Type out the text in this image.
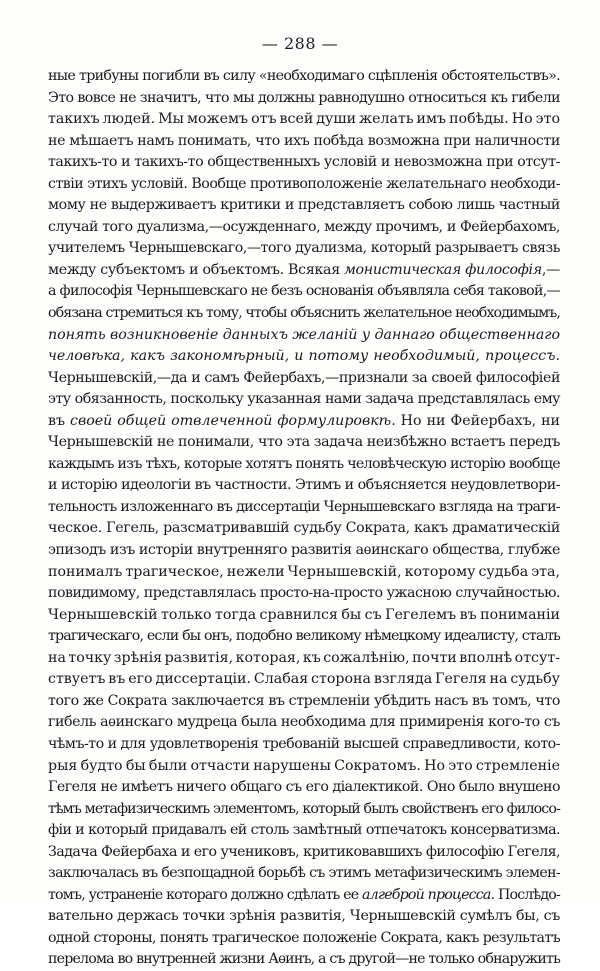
— 288 —
ные трибуны погибли въ силу «необходимаго сцѣпленія обстоятельствъ».
Это вовсе не значитъ, что мы должны равнодушно относиться къ гибели
такихъ людей. Мы можемъ отъ всей души желать имъ побѣды. Но это
не мѣшаетъ намъ понимать, что ихъ побѣда возможна при наличности
такихъ-то и такихъ-то общественныхъ условій и невозможна при отсут-
ствіи этихъ условій. Вообще противоположеніе желательнаго необходи-
мому не выдерживаетъ критики и представляетъ собою лишь частный
случай того дуализма,—осужденнаго, между прочимъ, и Фейербахомъ,
учителемъ Чернышевскаго,—того дуализма, который разрываетъ связь
между субъектомъ и объектомъ. Всякая монистическая философія,—
а философія Чернышевскаго не безъ основанія объявляла себя таковой,—
обязана стремиться къ тому, чтобы объяснить желательное необходимымъ,
понять возникновеніе данныхъ желаній у даннаго общественнаго
человѣка, какъ закономѣрный, и потому необходимый, процессъ.
Чернышевскій,—да и самъ Фейербахъ,—признали за своей философіей
эту обязанность, поскольку указанная нами задача представлялась ему
въ своей общей отвлеченной формулировкѣ. Но ни Фейербахъ, ни
Чернышевскій не понимали, что эта задача неизбѣжно встаетъ передъ
каждымъ изъ тѣхъ, которые хотятъ понять человѣческую исторію вообще
и исторію идеологіи въ частности. Этимъ и объясняется неудовлетвори-
тельность изложеннаго въ диссертаціи Чернышевскаго взгляда на траги-
ческое. Гегель, разсматривавшій судьбу Сократа, какъ драматическій
эпизодъ изъ исторіи внутренняго развитія аѳинскаго общества, глубже
понималъ трагическое, нежели Чернышевскій, которому судьба эта,
повидимому, представлялась просто-на-просто ужасною случайностью.
Чернышевскій только тогда сравнился бы съ Гегелемъ въ пониманіи
трагическаго, если бы онъ, подобно великому нѣмецкому идеалисту, сталъ
на точку зрѣнія развитія, которая, къ сожалѣнію, почти вполнѣ отсут-
ствуетъ въ его диссертаціи. Слабая сторона взгляда Гегеля на судьбу
того же Сократа заключается въ стремленіи убѣдить насъ въ томъ, что
гибель аѳинскаго мудреца была необходима для примиренія кого-то съ
чѣмъ-то и для удовлетворенія требованій высшей справедливости, кото-
рыя будто бы были отчасти нарушены Сократомъ. Но это стремленіе
Гегеля не имѣетъ ничего общаго съ его діалектикой. Оно было внушено
тѣмъ метафизическимъ элементомъ, который былъ свойственъ его филосо-
фіи и который придавалъ ей столь замѣтный отпечатокъ консерватизма.
Задача Фейербаха и его учениковъ, критиковавшихъ философію Гегеля,
заключалась въ безпощадной борьбѣ съ этимъ метафизическимъ элемен-
томъ, устраненіе котораго должно сдѣлать ее алгеброй процесса. Послѣдо-
вательно держась точки зрѣнія развитія, Чернышевскій сумѣлъ бы, съ
одной стороны, понять трагическое положеніе Сократа, какъ результатъ
перелома во внутренней жизни Аѳинъ, а съ другой—не только обнаружить
